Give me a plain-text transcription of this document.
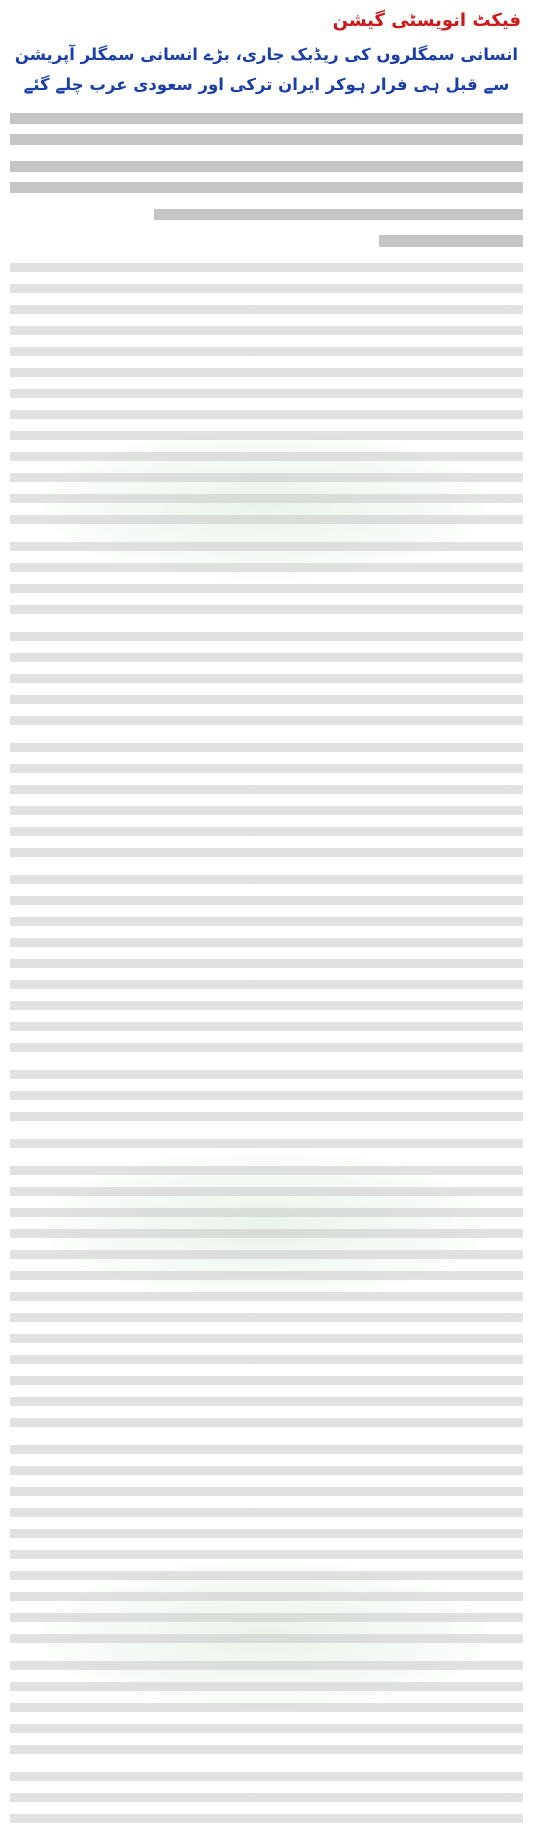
فیکٹ انویسٹی گیشن
انسانی سمگلروں کی ریڈبک جاری، بڑے انسانی سمگلر آپریشن سے قبل ہی فرار ہوکر ایران ترکی اور سعودی عرب چلے گئے
